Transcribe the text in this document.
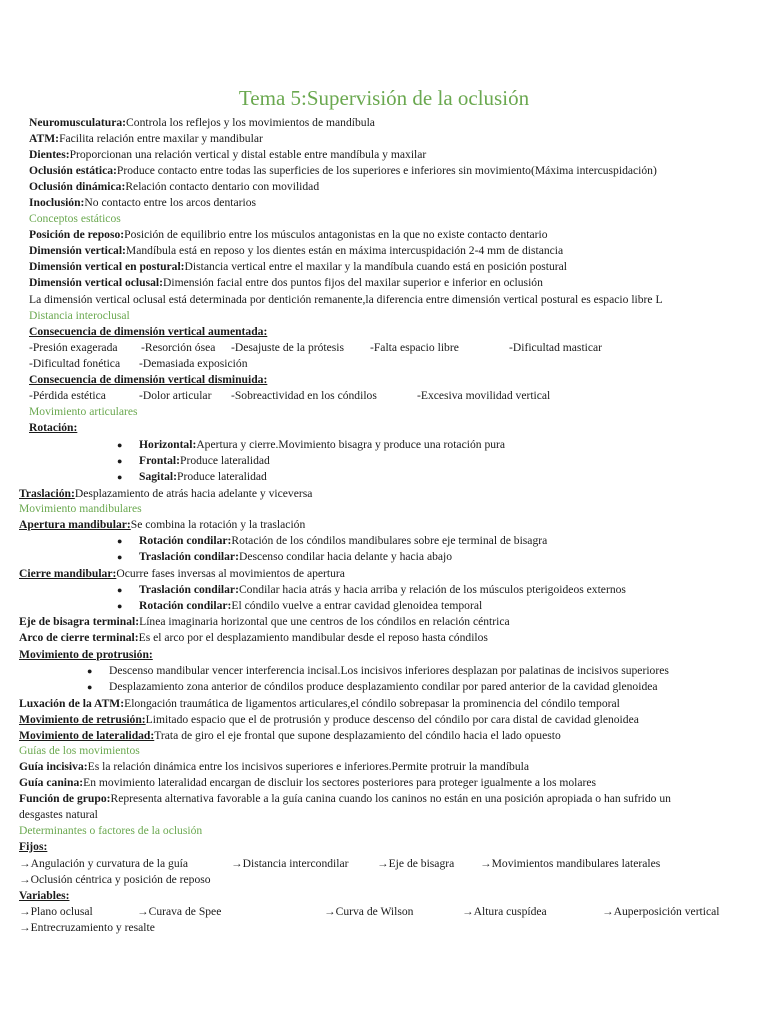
Tema 5:Supervisión de la oclusión
Neuromusculatura:Controla los reflejos y los movimientos de mandíbula
ATM:Facilita relación entre maxilar y mandibular
Dientes:Proporcionan una relación vertical y distal estable entre mandíbula y maxilar
Oclusión estática:Produce contacto entre todas las superficies de los superiores e inferiores sin movimiento(Máxima intercuspidación)
Oclusión dinámica:Relación contacto dentario con movilidad
Inoclusión:No contacto entre los arcos dentarios
Conceptos estáticos
Posición de reposo:Posición de equilibrio entre los músculos antagonistas en la que no existe contacto dentario
Dimensión vertical:Mandíbula está en reposo y los dientes están en máxima intercuspidación 2-4 mm de distancia
Dimensión vertical en postural:Distancia vertical entre el maxilar y la mandíbula cuando está en posición postural
Dimensión vertical oclusal:Dimensión facial entre dos puntos fijos del maxilar superior e inferior en oclusión
La dimensión vertical oclusal está determinada por dentición remanente,la diferencia entre dimensión vertical postural es espacio libre L
Distancia interoclusal
Consecuencia de dimensión vertical aumentada:
-Presión exagerada -Resorción ósea -Desajuste de la prótesis -Falta espacio libre	-Dificultad masticar
-Dificultad fonética -Demasiada exposición
Consecuencia de dimensión vertical disminuida:
-Pérdida estética	-Dolor articular -Sobreactividad en los cóndilos	-Excesiva movilidad vertical
Movimiento articulares
Rotación:
● Horizontal:Apertura y cierre.Movimiento bisagra y produce una rotación pura
● Frontal:Produce lateralidad
● Sagital:Produce lateralidad
Traslación:Desplazamiento de atrás hacia adelante y viceversa
Movimiento mandibulares
Apertura mandibular:Se combina la rotación y la traslación
● Rotación condilar:Rotación de los cóndilos mandibulares sobre eje terminal de bisagra
● Traslación condilar:Descenso condilar hacia delante y hacia abajo
Cierre mandibular:Ocurre fases inversas al movimientos de apertura
● Traslación condilar:Condilar hacia atrás y hacia arriba y relación de los músculos pterigoideos externos
● Rotación condilar:El cóndilo vuelve a entrar cavidad glenoidea temporal
Eje de bisagra terminal:Línea imaginaria horizontal que une centros de los cóndilos en relación céntrica
Arco de cierre terminal:Es el arco por el desplazamiento mandibular desde el reposo hasta cóndilos
Movimiento de protrusión:
● Descenso mandibular vencer interferencia incisal.Los incisivos inferiores desplazan por palatinas de incisivos superiores
● Desplazamiento zona anterior de cóndilos produce desplazamiento condilar por pared anterior de la cavidad glenoidea
Luxación de la ATM:Elongación traumática de ligamentos articulares,el cóndilo sobrepasar la prominencia del cóndilo temporal
Movimiento de retrusión:Limitado espacio que el de protrusión y produce descenso del cóndilo por cara distal de cavidad glenoidea
Movimiento de lateralidad:Trata de giro el eje frontal que supone desplazamiento del cóndilo hacia el lado opuesto
Guías de los movimientos
Guía incisiva:Es la relación dinámica entre los incisivos superiores e inferiores.Permite protruir la mandíbula
Guía canina:En movimiento lateralidad encargan de discluir los sectores posteriores para proteger igualmente a los molares
Función de grupo:Representa alternativa favorable a la guía canina cuando los caninos no están en una posición apropiada o han sufrido un
desgastes natural
Determinantes o factores de la oclusión
Fijos:
→Angulación y curvatura de la guía	→Distancia intercondilar →Eje de bisagra →Movimientos mandibulares laterales
→Oclusión céntrica y posición de reposo
Variables:
→Plano oclusal	→Curava de Spee	→Curva de Wilson	→Altura cuspídea	→Auperposición vertical
→Entrecruzamiento y resalte
